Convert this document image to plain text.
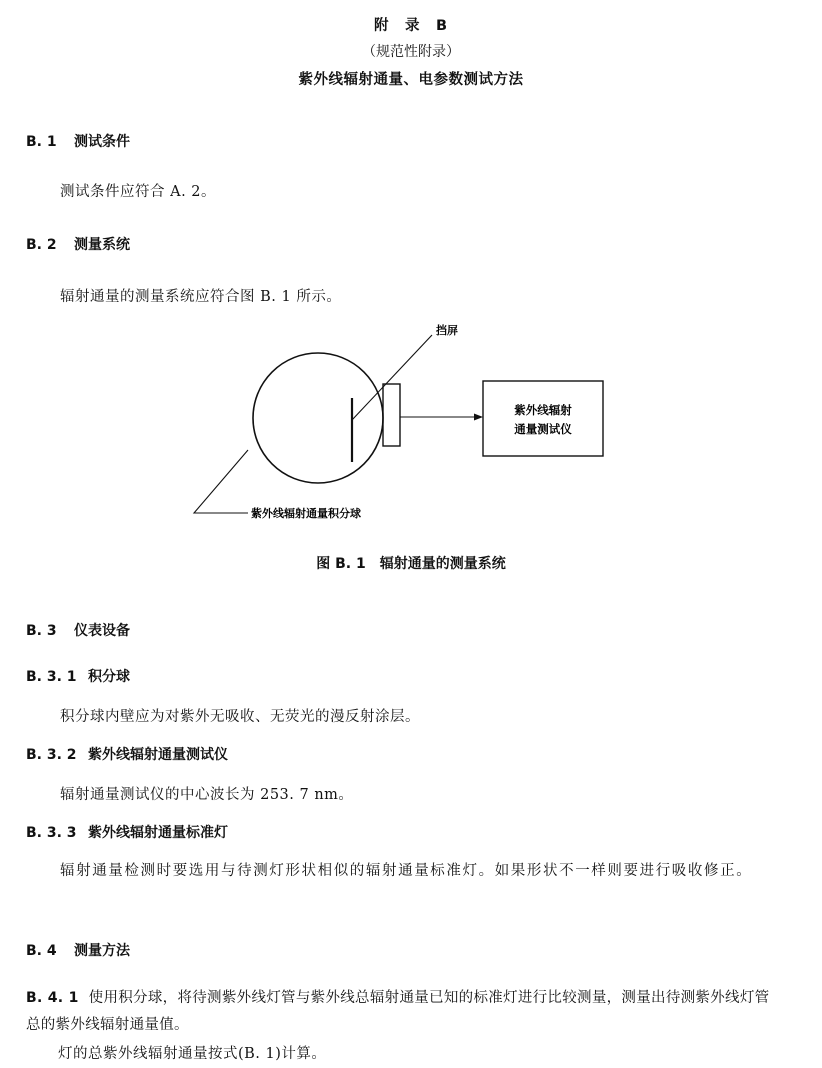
附　录　B
（规范性附录）
紫外线辐射通量、电参数测试方法
B. 1 测试条件
测试条件应符合 A. 2。
B. 2 测量系统
辐射通量的测量系统应符合图 B. 1 所示。
挡屏
紫外线辐射
通量测试仪
紫外线辐射通量积分球
图 B. 1　辐射通量的测量系统
B. 3 仪表设备
B. 3. 1 积分球
积分球内壁应为对紫外无吸收、无荧光的漫反射涂层。
B. 3. 2 紫外线辐射通量测试仪
辐射通量测试仪的中心波长为 253. 7 nm。
B. 3. 3 紫外线辐射通量标准灯
辐射通量检测时要选用与待测灯形状相似的辐射通量标准灯。如果形状不一样则要进行吸收修正。
B. 4 测量方法
B. 4. 1 使用积分球，将待测紫外线灯管与紫外线总辐射通量已知的标准灯进行比较测量，测量出待测紫外线灯管总的紫外线辐射通量值。
灯的总紫外线辐射通量按式(B. 1)计算。
